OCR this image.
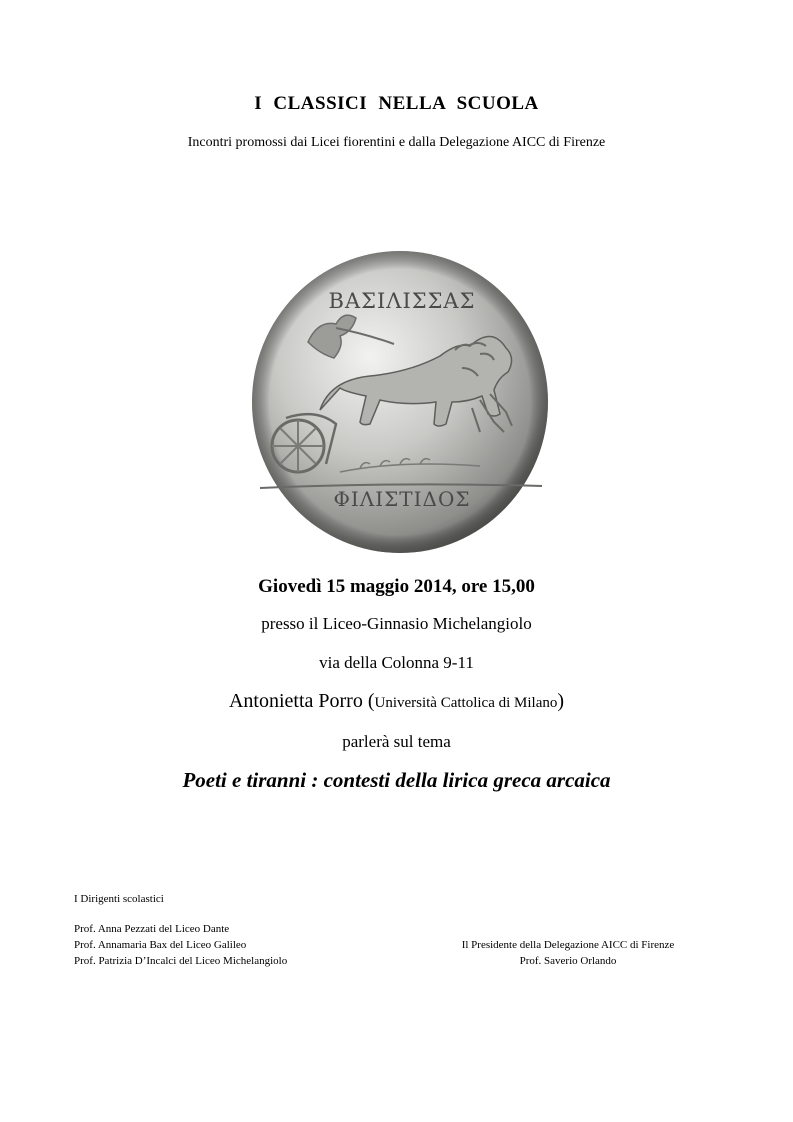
I CLASSICI NELLA SCUOLA
Incontri promossi dai Licei fiorentini e dalla Delegazione AICC di Firenze
ΒΑΣΙΛΙΣΣΑΣ
ΦΙΛΙΣΤΙΔΟΣ
Giovedì 15 maggio 2014, ore 15,00
presso il Liceo-Ginnasio Michelangiolo
via della Colonna 9-11
Antonietta Porro (Università Cattolica di Milano)
parlerà sul tema
Poeti e tiranni : contesti della lirica greca arcaica
I Dirigenti scolastici
Prof. Anna Pezzati del Liceo Dante
Prof. Annamaria Bax del Liceo Galileo
Prof. Patrizia D’Incalci del Liceo Michelangiolo
Il Presidente della Delegazione AICC di Firenze
Prof. Saverio Orlando
